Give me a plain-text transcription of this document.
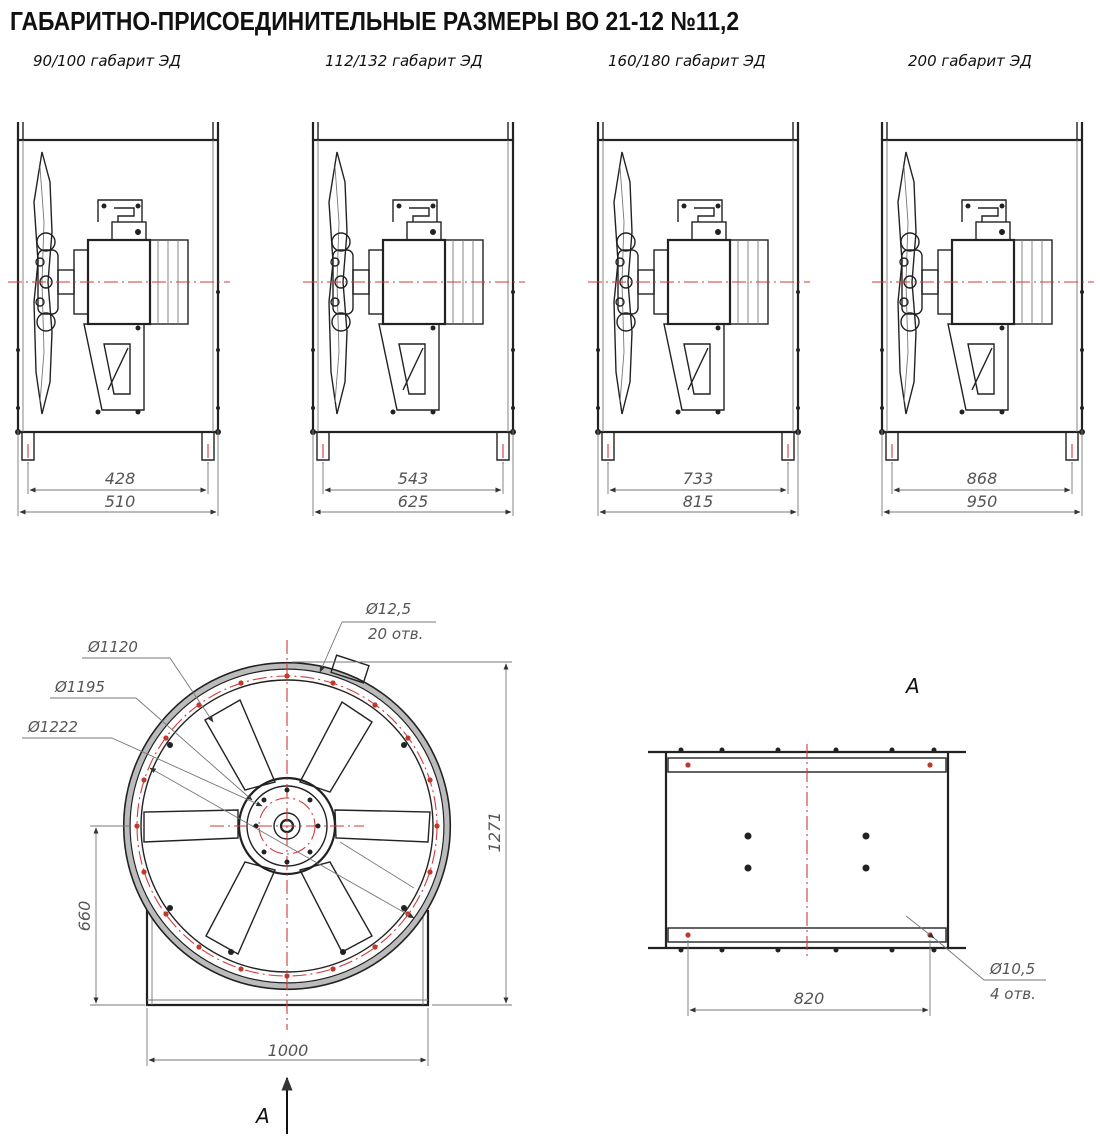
ГАБАРИТНО-ПРИСОЕДИНИТЕЛЬНЫЕ РАЗМЕРЫ ВО 21-12 №11,2
90/100 габарит ЭД	112/132 габарит ЭД	160/180 габарит ЭД	200 габарит ЭД
428
510
543
625
733
815
868
950
Ø12,5
20 отв.
Ø1120
Ø1195
Ø1222
1271
660
1000
A
A
820
Ø10,5
4 отв.
